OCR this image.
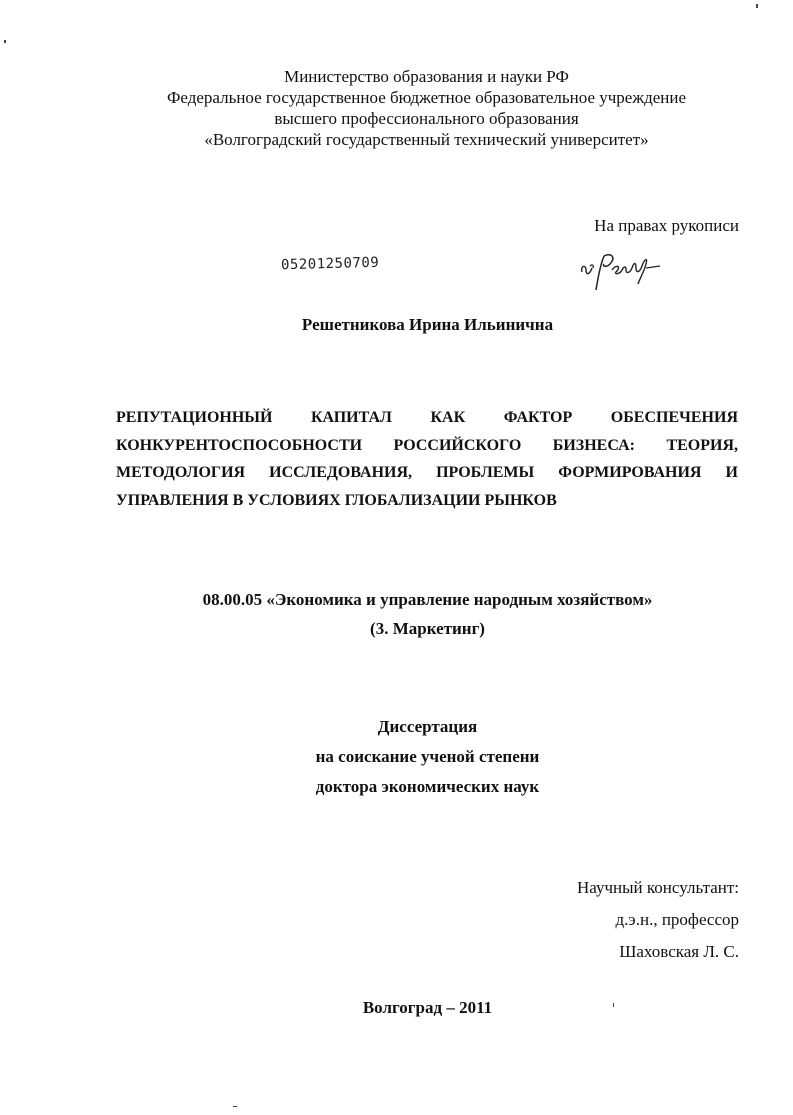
Министерство образования и науки РФ
Федеральное государственное бюджетное образовательное учреждение
высшего профессионального образования
«Волгоградский государственный технический университет»
На правах рукописи
05201250709
Решетникова Ирина Ильинична
РЕПУТАЦИОННЫЙ КАПИТАЛ КАК ФАКТОР ОБЕСПЕЧЕНИЯ
КОНКУРЕНТОСПОСОБНОСТИ РОССИЙСКОГО БИЗНЕСА: ТЕОРИЯ,
МЕТОДОЛОГИЯ ИССЛЕДОВАНИЯ, ПРОБЛЕМЫ ФОРМИРОВАНИЯ И
УПРАВЛЕНИЯ В УСЛОВИЯХ ГЛОБАЛИЗАЦИИ РЫНКОВ
08.00.05 «Экономика и управление народным хозяйством»
(3. Маркетинг)
Диссертация
на соискание ученой степени
доктора экономических наук
Научный консультант:
д.э.н., профессор
Шаховская Л. С.
Волгоград – 2011
